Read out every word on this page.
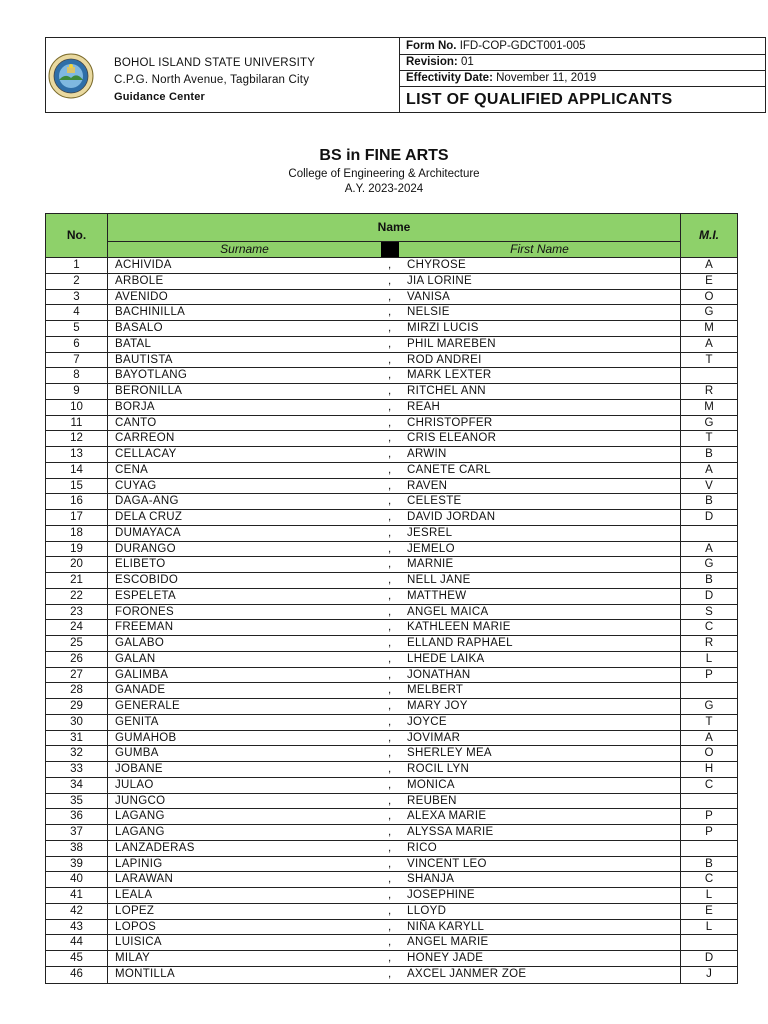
BOHOL ISLAND STATE UNIVERSITY
C.P.G. North Avenue, Tagbilaran City
Guidance Center
Form No. IFD-COP-GDCT001-005
Revision: 01
Effectivity Date: November 11, 2019
LIST OF QUALIFIED APPLICANTS
BS in FINE ARTS
College of Engineering & Architecture
A.Y. 2023-2024
No.
Name
Surname	First Name
M.I.
1	ACHIVIDA	, CHYROSE	A
2	ARBOLE	, JIA LORINE	E
3	AVENIDO	, VANISA	O
4	BACHINILLA	, NELSIE	G
5	BASALO	, MIRZI LUCIS	M
6	BATAL	, PHIL MAREBEN	A
7	BAUTISTA	, ROD ANDREI	T
8	BAYOTLANG	, MARK LEXTER
9	BERONILLA	, RITCHEL ANN	R
10	BORJA	, REAH	M
11	CANTO	, CHRISTOPFER	G
12	CARREON	, CRIS ELEANOR	T
13	CELLACAY	, ARWIN	B
14	CENA	, CANETE CARL	A
15	CUYAG	, RAVEN	V
16	DAGA-ANG	, CELESTE	B
17	DELA CRUZ	, DAVID JORDAN	D
18	DUMAYACA	, JESREL
19	DURANGO	, JEMELO	A
20	ELIBETO	, MARNIE	G
21	ESCOBIDO	, NELL JANE	B
22	ESPELETA	, MATTHEW	D
23	FORONES	, ANGEL MAICA	S
24	FREEMAN	, KATHLEEN MARIE	C
25	GALABO	, ELLAND RAPHAEL	R
26	GALAN	, LHEDE LAIKA	L
27	GALIMBA	, JONATHAN	P
28	GANADE	, MELBERT
29	GENERALE	, MARY JOY	G
30	GENITA	, JOYCE	T
31	GUMAHOB	, JOVIMAR	A
32	GUMBA	, SHERLEY MEA	O
33	JOBANE	, ROCIL LYN	H
34	JULAO	, MONICA	C
35	JUNGCO	, REUBEN
36	LAGANG	, ALEXA MARIE	P
37	LAGANG	, ALYSSA MARIE	P
38	LANZADERAS	, RICO
39	LAPINIG	, VINCENT LEO	B
40	LARAWAN	, SHANJA	C
41	LEALA	, JOSEPHINE	L
42	LOPEZ	, LLOYD	E
43	LOPOS	, NIÑA KARYLL	L
44	LUISICA	, ANGEL MARIE
45	MILAY	, HONEY JADE	D
46	MONTILLA	, AXCEL JANMER ZOE	J
